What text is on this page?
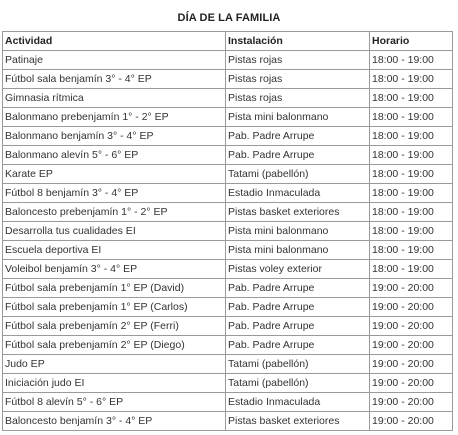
DÍA DE LA FAMILIA
Actividad	Instalación	Horario
Patinaje	Pistas rojas	18:00 - 19:00
Fútbol sala benjamín 3° - 4° EP	Pistas rojas	18:00 - 19:00
Gimnasia rítmica	Pistas rojas	18:00 - 19:00
Balonmano prebenjamín 1° - 2° EP	Pista mini balonmano	18:00 - 19:00
Balonmano benjamín 3° - 4° EP	Pab. Padre Arrupe	18:00 - 19:00
Balonmano alevín 5° - 6° EP	Pab. Padre Arrupe	18:00 - 19:00
Karate EP	Tatami (pabellón)	18:00 - 19:00
Fútbol 8 benjamín 3° - 4° EP	Estadio Inmaculada	18:00 - 19:00
Baloncesto prebenjamín 1° - 2° EP	Pistas basket exteriores	18:00 - 19:00
Desarrolla tus cualidades EI	Pista mini balonmano	18:00 - 19:00
Escuela deportiva EI	Pista mini balonmano	18:00 - 19:00
Voleibol benjamín 3° - 4° EP	Pistas voley exterior	18:00 - 19:00
Fútbol sala prebenjamín 1° EP (David)	Pab. Padre Arrupe	19:00 - 20:00
Fútbol sala prebenjamín 1° EP (Carlos)	Pab. Padre Arrupe	19:00 - 20:00
Fútbol sala prebenjamín 2° EP (Ferri)	Pab. Padre Arrupe	19:00 - 20:00
Fútbol sala prebenjamín 2° EP (Diego)	Pab. Padre Arrupe	19:00 - 20:00
Judo EP	Tatami (pabellón)	19:00 - 20:00
Iniciación judo EI	Tatami (pabellón)	19:00 - 20:00
Fútbol 8 alevín 5° - 6° EP	Estadio Inmaculada	19:00 - 20:00
Baloncesto benjamín 3° - 4° EP	Pistas basket exteriores	19:00 - 20:00
